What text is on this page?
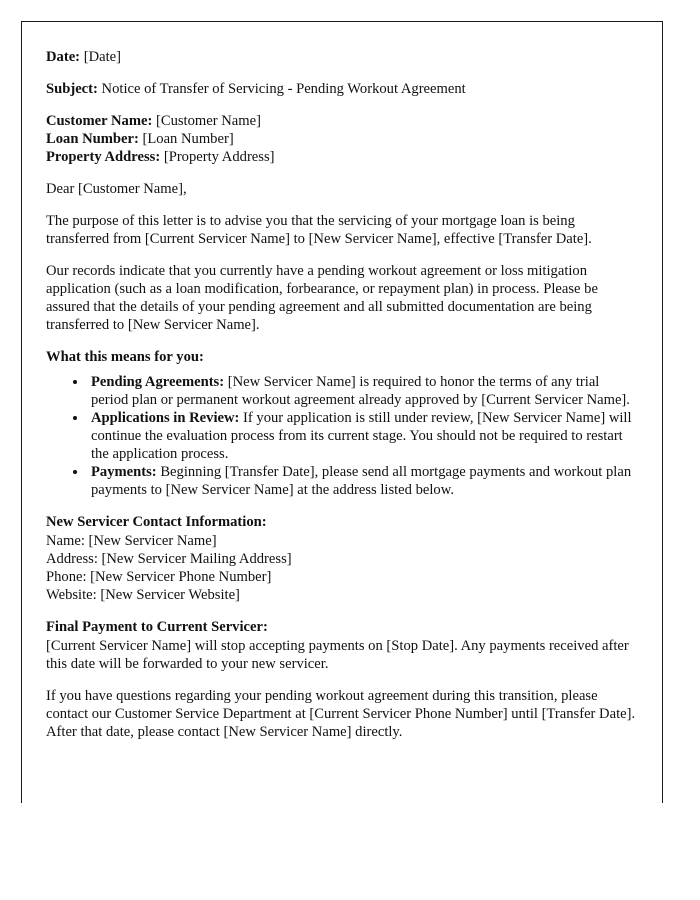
Date: [Date]

Subject: Notice of Transfer of Servicing - Pending Workout Agreement

Customer Name: [Customer Name]

Loan Number: [Loan Number]

Property Address: [Property Address]

Dear [Customer Name],

The purpose of this letter is to advise you that the servicing of your mortgage loan is being transferred from [Current Servicer Name] to [New Servicer Name], effective [Transfer Date].

Our records indicate that you currently have a pending workout agreement or loss mitigation application (such as a loan modification, forbearance, or repayment plan) in process. Please be assured that the details of your pending agreement and all submitted documentation are being transferred to [New Servicer Name].

What this means for you:

• Pending Agreements: [New Servicer Name] is required to honor the terms of any trial period plan or permanent workout agreement already approved by [Current Servicer Name].
• Applications in Review: If your application is still under review, [New Servicer Name] will continue the evaluation process from its current stage. You should not be required to restart the application process.
• Payments: Beginning [Transfer Date], please send all mortgage payments and workout plan payments to [New Servicer Name] at the address listed below.

New Servicer Contact Information:

Name: [New Servicer Name]

Address: [New Servicer Mailing Address]

Phone: [New Servicer Phone Number]

Website: [New Servicer Website]

Final Payment to Current Servicer:

[Current Servicer Name] will stop accepting payments on [Stop Date]. Any payments received after this date will be forwarded to your new servicer.

If you have questions regarding your pending workout agreement during this transition, please contact our Customer Service Department at [Current Servicer Phone Number] until [Transfer Date]. After that date, please contact [New Servicer Name] directly.
